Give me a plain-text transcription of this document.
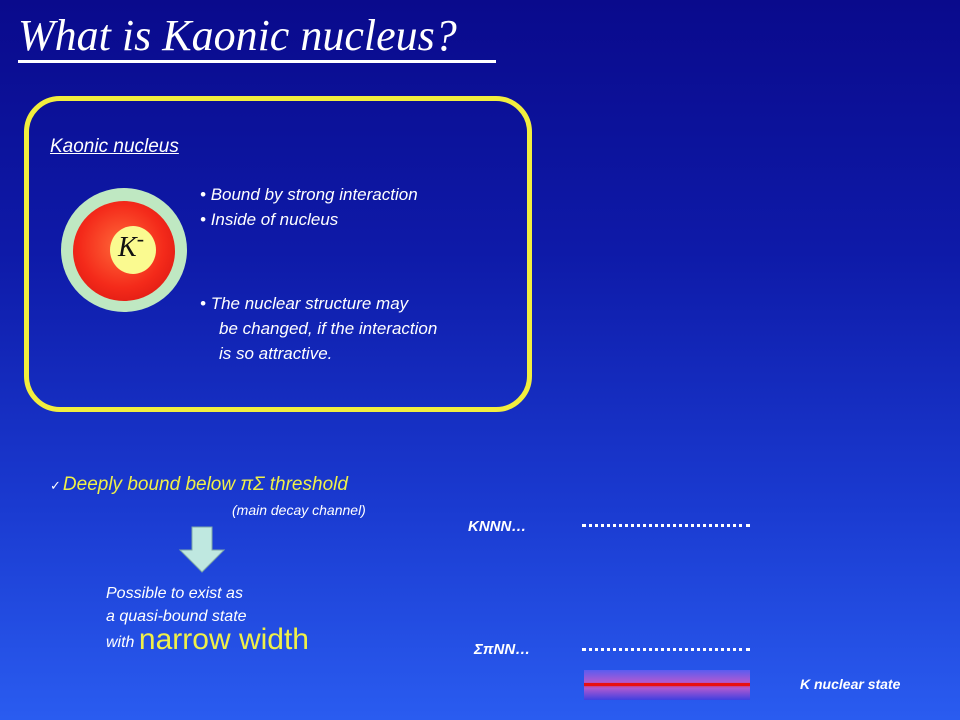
What is Kaonic nucleus?
Kaonic nucleus
K-

• Bound by strong interaction

• Inside of nucleus

• The nuclear structure may

be changed, if the interaction

is so attractive.

✓ Deeply bound below πΣ threshold
(main decay channel)

Possible to exist as

a quasi-bound state

with narrow width

KNNN…
ΣπNN…
K nuclear state
